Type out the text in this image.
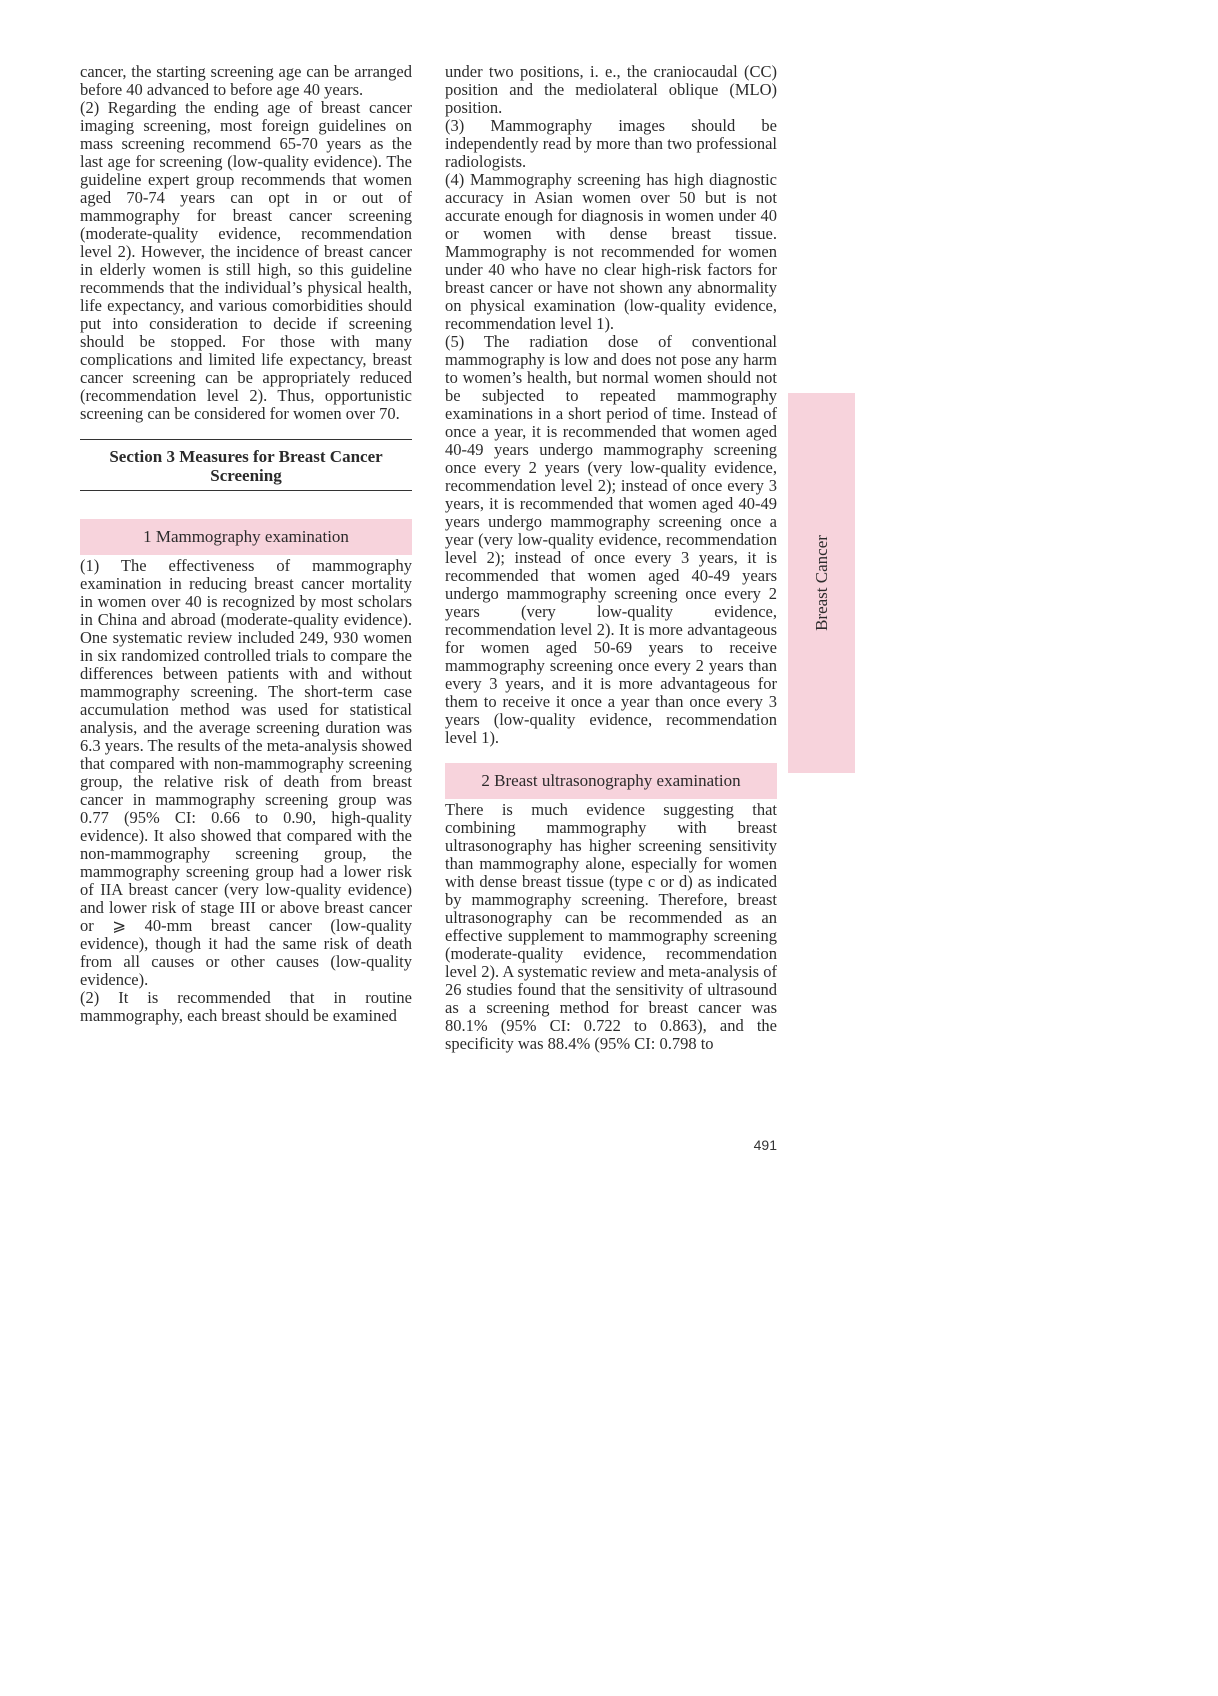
cancer, the starting screening age can be arranged before 40 advanced to before age 40 years.

(2) Regarding the ending age of breast cancer imaging screening, most foreign guidelines on mass screening recommend 65-70 years as the last age for screening (low-quality evidence). The guideline expert group recommends that women aged 70-74 years can opt in or out of mammography for breast cancer screening (moderate-quality evidence, recommendation level 2). However, the incidence of breast cancer in elderly women is still high, so this guideline recommends that the individual’s physical health, life expectancy, and various comorbidities should put into consideration to decide if screening should be stopped. For those with many complications and limited life expectancy, breast cancer screening can be appropriately reduced (recommendation level 2). Thus, opportunistic screening can be considered for women over 70.

Section 3 Measures for Breast Cancer Screening
1 Mammography examination

(1) The effectiveness of mammography examination in reducing breast cancer mortality in women over 40 is recognized by most scholars in China and abroad (moderate-quality evidence). One systematic review included 249, 930 women in six randomized controlled trials to compare the differences between patients with and without mammography screening. The short-term case accumulation method was used for statistical analysis, and the average screening duration was 6.3 years. The results of the meta-analysis showed that compared with non-mammography screening group, the relative risk of death from breast cancer in mammography screening group was 0.77 (95% CI: 0.66 to 0.90, high-quality evidence). It also showed that compared with the non-mammography screening group, the mammography screening group had a lower risk of IIA breast cancer (very low-quality evidence) and lower risk of stage III or above breast cancer or ⩾ 40-mm breast cancer (low-quality evidence), though it had the same risk of death from all causes or other causes (low-quality evidence).

(2) It is recommended that in routine mammography, each breast should be examined

under two positions, i. e., the craniocaudal (CC) position and the mediolateral oblique (MLO) position.

(3) Mammography images should be independently read by more than two professional radiologists.

(4) Mammography screening has high diagnostic accuracy in Asian women over 50 but is not accurate enough for diagnosis in women under 40 or women with dense breast tissue. Mammography is not recommended for women under 40 who have no clear high-risk factors for breast cancer or have not shown any abnormality on physical examination (low-quality evidence, recommendation level 1).

(5) The radiation dose of conventional mammography is low and does not pose any harm to women’s health, but normal women should not be subjected to repeated mammography examinations in a short period of time. Instead of once a year, it is recommended that women aged 40-49 years undergo mammography screening once every 2 years (very low-quality evidence, recommendation level 2); instead of once every 3 years, it is recommended that women aged 40-49 years undergo mammography screening once a year (very low-quality evidence, recommendation level 2); instead of once every 3 years, it is recommended that women aged 40-49 years undergo mammography screening once every 2 years (very low-quality evidence, recommendation level 2). It is more advantageous for women aged 50-69 years to receive mammography screening once every 2 years than every 3 years, and it is more advantageous for them to receive it once a year than once every 3 years (low-quality evidence, recommendation level 1).

2 Breast ultrasonography examination

There is much evidence suggesting that combining mammography with breast ultrasonography has higher screening sensitivity than mammography alone, especially for women with dense breast tissue (type c or d) as indicated by mammography screening. Therefore, breast ultrasonography can be recommended as an effective supplement to mammography screening (moderate-quality evidence, recommendation level 2). A systematic review and meta-analysis of 26 studies found that the sensitivity of ultrasound as a screening method for breast cancer was 80.1% (95% CI: 0.722 to 0.863), and the specificity was 88.4% (95% CI: 0.798 to

Breast Cancer
491
